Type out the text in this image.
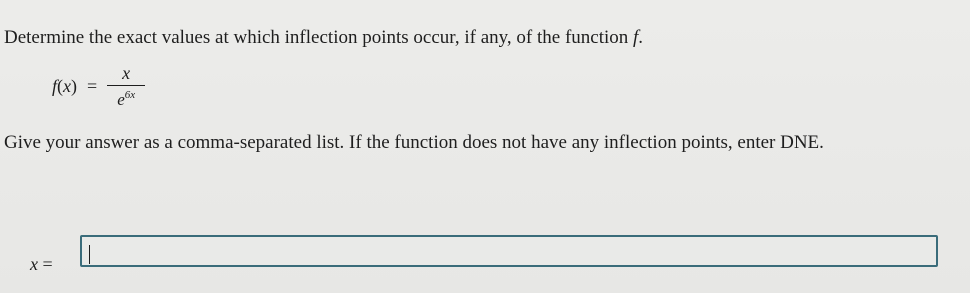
Determine the exact values at which inflection points occur, if any, of the function f.
$f(x) = \frac{x}{e^{6x}}$
Give your answer as a comma-separated list. If the function does not have any inflection points, enter DNE.
x =
